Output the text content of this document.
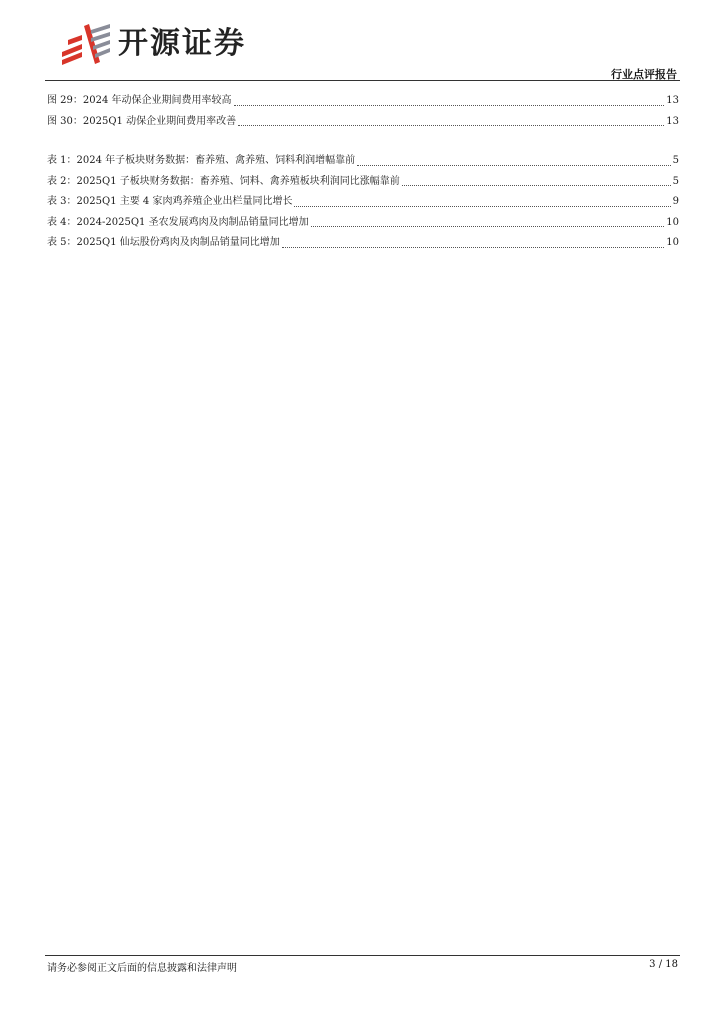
开源证券
行业点评报告
图 29： 2024 年动保企业期间费用率较高	13
图 30： 2025Q1 动保企业期间费用率改善	13
表 1： 2024 年子板块财务数据：畜养殖、禽养殖、饲料利润增幅靠前	5
表 2： 2025Q1 子板块财务数据：畜养殖、饲料、禽养殖板块利润同比涨幅靠前	5
表 3： 2025Q1 主要 4 家肉鸡养殖企业出栏量同比增长	9
表 4： 2024-2025Q1 圣农发展鸡肉及肉制品销量同比增加	10
表 5： 2025Q1 仙坛股份鸡肉及肉制品销量同比增加	10
请务必参阅正文后面的信息披露和法律声明	3 / 18
